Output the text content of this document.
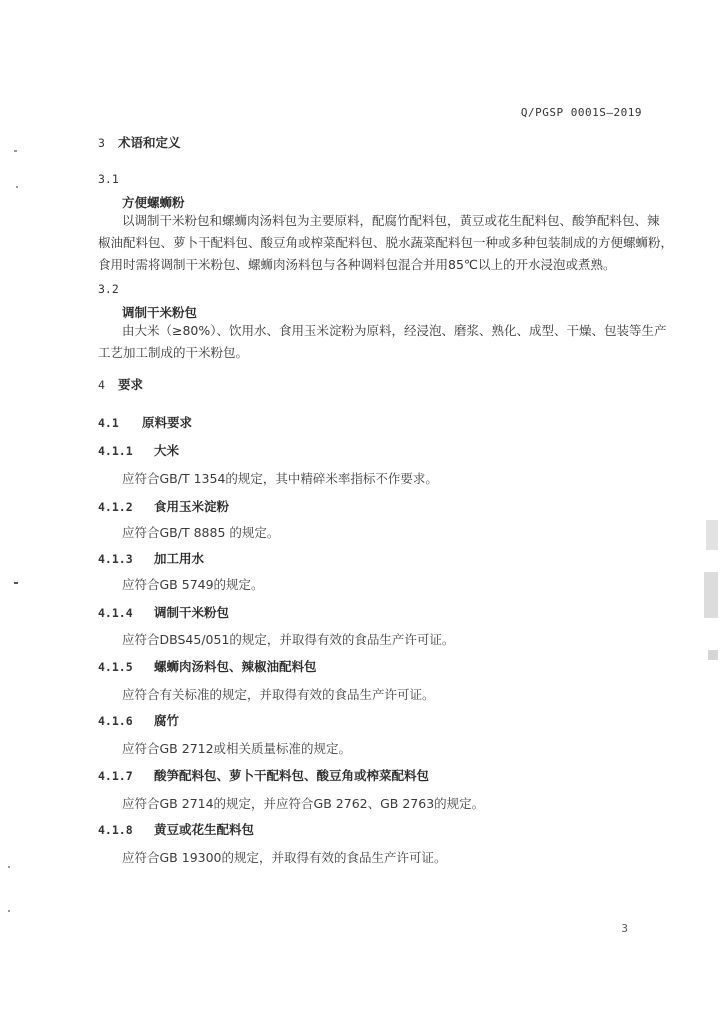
Q/PGSP 0001S—2019
3 术语和定义
3.1
方便螺蛳粉
以调制干米粉包和螺蛳肉汤料包为主要原料，配腐竹配料包，黄豆或花生配料包、酸笋配料包、辣
椒油配料包、萝卜干配料包、酸豆角或榨菜配料包、脱水蔬菜配料包一种或多种包装制成的方便螺蛳粉，
食用时需将调制干米粉包、螺蛳肉汤料包与各种调料包混合并用85℃以上的开水浸泡或煮熟。
3.2
调制干米粉包
由大米（≥80%）、饮用水、食用玉米淀粉为原料，经浸泡、磨浆、熟化、成型、干燥、包装等生产
工艺加工制成的干米粉包。
4 要求
4.1 原料要求
4.1.1 大米
应符合GB/T 1354的规定，其中精碎米率指标不作要求。
4.1.2 食用玉米淀粉
应符合GB/T 8885 的规定。
4.1.3 加工用水
应符合GB 5749的规定。
4.1.4 调制干米粉包
应符合DBS45/051的规定，并取得有效的食品生产许可证。
4.1.5 螺蛳肉汤料包、辣椒油配料包
应符合有关标准的规定，并取得有效的食品生产许可证。
4.1.6 腐竹
应符合GB 2712或相关质量标准的规定。
4.1.7 酸笋配料包、萝卜干配料包、酸豆角或榨菜配料包
应符合GB 2714的规定，并应符合GB 2762、GB 2763的规定。
4.1.8 黄豆或花生配料包
应符合GB 19300的规定，并取得有效的食品生产许可证。
3
